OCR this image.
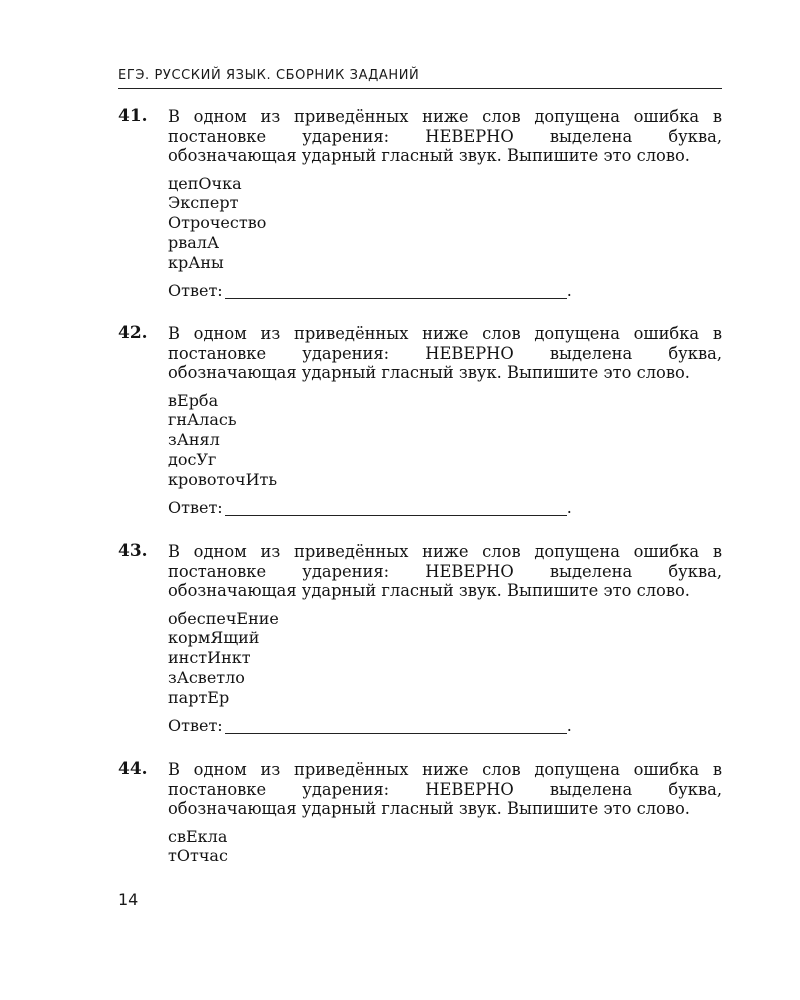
ЕГЭ. РУССКИЙ ЯЗЫК. СБОРНИК ЗАДАНИЙ
41. В одном из приведённых ниже слов допущена ошибка в постановке ударения: НЕВЕРНО выделена буква, обозначающая ударный гласный звук. Выпишите это слово.
цепОчка
Эксперт
Отрочество
рвалА
крАны
Ответ:	.
42. В одном из приведённых ниже слов допущена ошибка в постановке ударения: НЕВЕРНО выделена буква, обозначающая ударный гласный звук. Выпишите это слово.
вЕрба
гнАлась
зАнял
досУг
кровоточИть
Ответ:	.
43. В одном из приведённых ниже слов допущена ошибка в постановке ударения: НЕВЕРНО выделена буква, обозначающая ударный гласный звук. Выпишите это слово.
обеспечЕние
кормЯщий
инстИнкт
зАсветло
партЕр
Ответ:	.
44. В одном из приведённых ниже слов допущена ошибка в постановке ударения: НЕВЕРНО выделена буква, обозначающая ударный гласный звук. Выпишите это слово.
свЕкла
тОтчас
14
